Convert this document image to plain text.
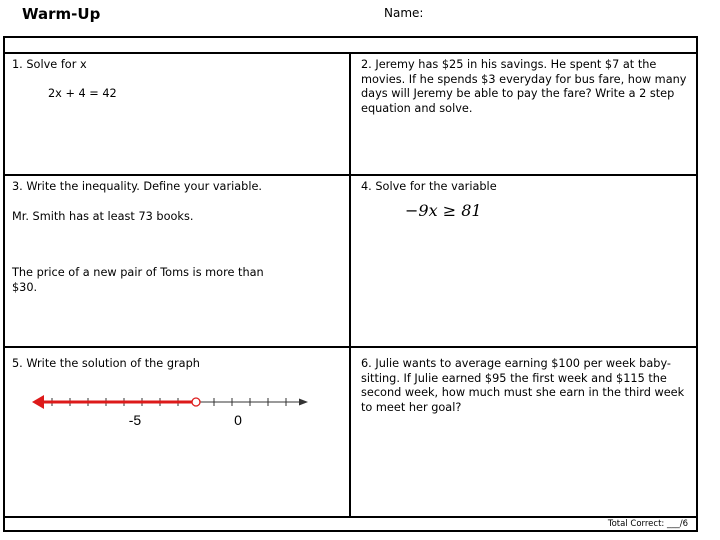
Warm-Up	Name:
1. Solve for x
2x + 4 = 42
2. Jeremy has $25 in his savings. He spent $7 at the movies. If he spends $3 everyday for bus fare, how many days will Jeremy be able to pay the fare? Write a 2 step equation and solve.
3. Write the inequality. Define your variable.
Mr. Smith has at least 73 books.
The price of a new pair of Toms is more than $30.
4. Solve for the variable
−9x ≥ 81
5. Write the solution of the graph
-5	0
6. Julie wants to average earning $100 per week baby-sitting. If Julie earned $95 the first week and $115 the second week, how much must she earn in the third week to meet her goal?
Total Correct: ___/6
